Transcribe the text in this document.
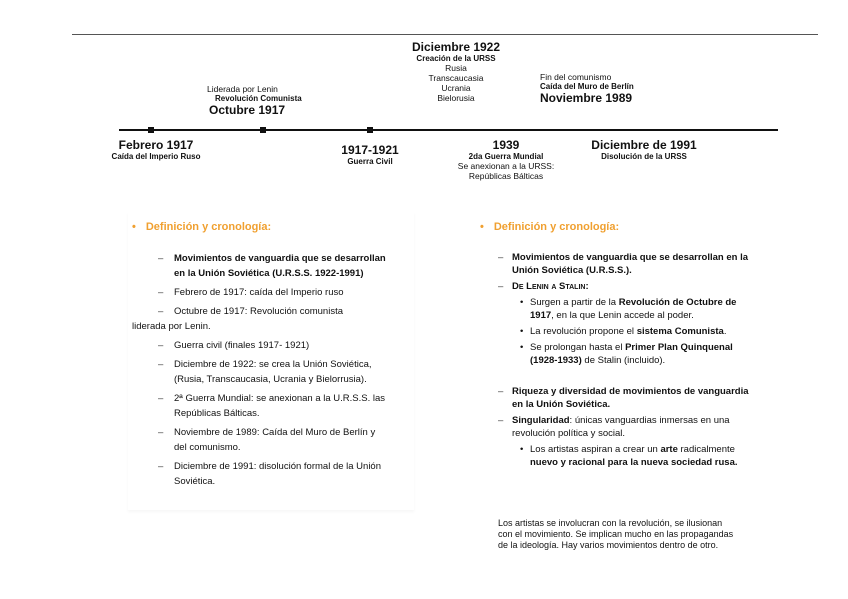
Diciembre 1922
Creación de la URSS
Rusia
Transcaucasia
Ucrania
Bielorusia
Liderada por Lenin
Revolución Comunista
Octubre 1917
Fin del comunismo
Caída del Muro de Berlín
Noviembre 1989
Febrero 1917
Caída del Imperio Ruso	1917-1921
Guerra Civil
1939
2da Guerra Mundial
Se anexionan a la URSS:
Repúblicas Bálticas
Diciembre de 1991
Disolución de la URSS
• Definición y cronología:
– Movimientos de vanguardia que se desarrollan
en la Unión Soviética (U.R.S.S. 1922-1991)
– Febrero de 1917: caída del Imperio ruso
– Octubre de 1917: Revolución comunista
liderada por Lenin.
– Guerra civil (finales 1917- 1921)
– Diciembre de 1922: se crea la Unión Soviética,
(Rusia, Transcaucasia, Ucrania y Bielorrusia).
– 2ª Guerra Mundial: se anexionan a la U.R.S.S. las
Repúblicas Bálticas.
– Noviembre de 1989: Caída del Muro de Berlín y
del comunismo.
– Diciembre de 1991: disolución formal de la Unión
Soviética.
• Definición y cronología:
– Movimientos de vanguardia que se desarrollan en la
Unión Soviética (U.R.S.S.).
– De Lenin a Stalin:
• Surgen a partir de la Revolución de Octubre de
1917, en la que Lenin accede al poder.
• La revolución propone el sistema Comunista.
• Se prolongan hasta el Primer Plan Quinquenal
(1928-1933) de Stalin (incluido).
– Riqueza y diversidad de movimientos de vanguardia
en la Unión Soviética.
– Singularidad: únicas vanguardias inmersas en una
revolución política y social.
• Los artistas aspiran a crear un arte radicalmente
nuevo y racional para la nueva sociedad rusa.
Los artistas se involucran con la revolución, se ilusionan
con el movimiento. Se implican mucho en las propagandas
de la ideología. Hay varios movimientos dentro de otro.
